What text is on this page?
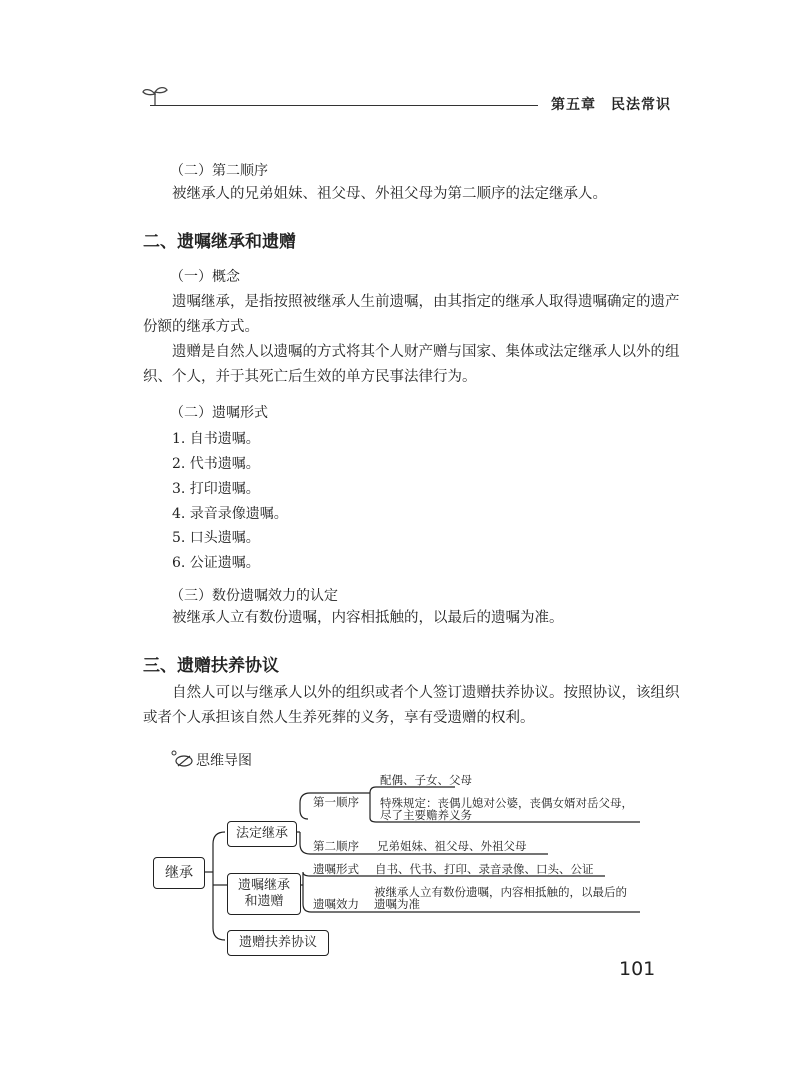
第五章　民法常识
（二）第二顺序
被继承人的兄弟姐妹、祖父母、外祖父母为第二顺序的法定继承人。
二、遗嘱继承和遗赠
（一）概念
遗嘱继承，是指按照被继承人生前遗嘱，由其指定的继承人取得遗嘱确定的遗产
份额的继承方式。
遗赠是自然人以遗嘱的方式将其个人财产赠与国家、集体或法定继承人以外的组
织、个人，并于其死亡后生效的单方民事法律行为。
（二）遗嘱形式
1. 自书遗嘱。
2. 代书遗嘱。
3. 打印遗嘱。
4. 录音录像遗嘱。
5. 口头遗嘱。
6. 公证遗嘱。
（三）数份遗嘱效力的认定
被继承人立有数份遗嘱，内容相抵触的，以最后的遗嘱为准。
三、遗赠扶养协议
自然人可以与继承人以外的组织或者个人签订遗赠扶养协议。按照协议，该组织
或者个人承担该自然人生养死葬的义务，享有受遗赠的权利。
思维导图
继承
法定继承
遗嘱继承
和遗赠
遗赠扶养协议
第一顺序
配偶、子女、父母
特殊规定：丧偶儿媳对公婆，丧偶女婿对岳父母，
尽了主要赡养义务
第二顺序 兄弟姐妹、祖父母、外祖父母
遗嘱形式 自书、代书、打印、录音录像、口头、公证
遗嘱效力
被继承人立有数份遗嘱，内容相抵触的，以最后的
遗嘱为准
101
